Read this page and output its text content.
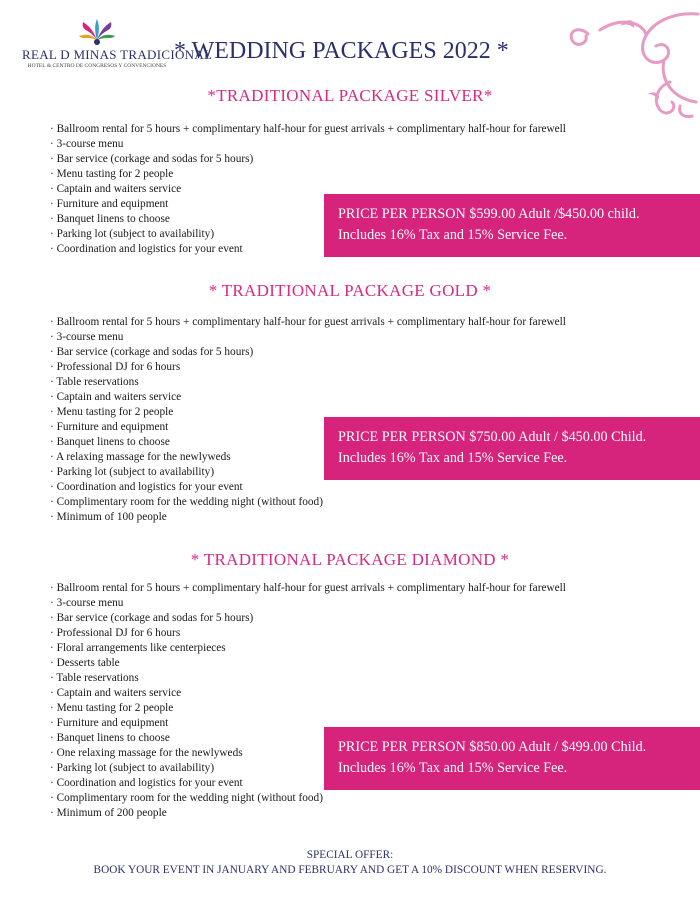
REAL D MINAS TRADICIONAL
HOTEL & CENTRO DE CONGRESOS Y CONVENCIONES
* WEDDING PACKAGES 2022 *
*TRADITIONAL PACKAGE SILVER*
· Ballroom rental for 5 hours + complimentary half-hour for guest arrivals + complimentary half-hour for farewell
· 3-course menu
· Bar service (corkage and sodas for 5 hours)
· Menu tasting for 2 people
· Captain and waiters service
· Furniture and equipment
· Banquet linens to choose
· Parking lot (subject to availability)
· Coordination and logistics for your event
PRICE PER PERSON $599.00 Adult /$450.00 child.
Includes 16% Tax and 15% Service Fee.
* TRADITIONAL PACKAGE GOLD *
· Ballroom rental for 5 hours + complimentary half-hour for guest arrivals + complimentary half-hour for farewell
· 3-course menu
· Bar service (corkage and sodas for 5 hours)
· Professional DJ for 6 hours
· Table reservations
· Captain and waiters service
· Menu tasting for 2 people
· Furniture and equipment
· Banquet linens to choose
· A relaxing massage for the newlyweds
· Parking lot (subject to availability)
· Coordination and logistics for your event
· Complimentary room for the wedding night (without food)
· Minimum of 100 people
PRICE PER PERSON $750.00 Adult / $450.00 Child.
Includes 16% Tax and 15% Service Fee.
* TRADITIONAL PACKAGE DIAMOND *
· Ballroom rental for 5 hours + complimentary half-hour for guest arrivals + complimentary half-hour for farewell
· 3-course menu
· Bar service (corkage and sodas for 5 hours)
· Professional DJ for 6 hours
· Floral arrangements like centerpieces
· Desserts table
· Table reservations
· Captain and waiters service
· Menu tasting for 2 people
· Furniture and equipment
· Banquet linens to choose
· One relaxing massage for the newlyweds
· Parking lot (subject to availability)
· Coordination and logistics for your event
· Complimentary room for the wedding night (without food)
· Minimum of 200 people
PRICE PER PERSON $850.00 Adult / $499.00 Child.
Includes 16% Tax and 15% Service Fee.
SPECIAL OFFER:
BOOK YOUR EVENT IN JANUARY AND FEBRUARY AND GET A 10% DISCOUNT WHEN RESERVING.
